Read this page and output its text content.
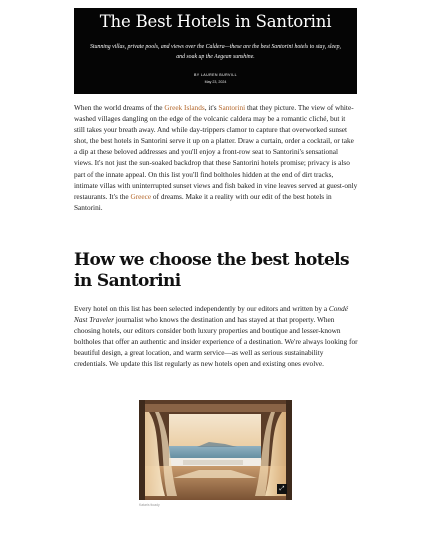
The Best Hotels in Santorini

Stunning villas, private pools, and views over the Caldera—these are the best Santorini hotels to stay, sleep, and soak up the Aegean sunshine.

BY LAUREN BURVILL
May 23, 2024

When the world dreams of the Greek Islands, it's Santorini that they picture. The view of white-washed villages dangling on the edge of the volcanic caldera may be a romantic cliché, but it still takes your breath away. And while day-trippers clamor to capture that overworked sunset shot, the best hotels in Santorini serve it up on a platter. Draw a curtain, order a cocktail, or take a dip at these beloved addresses and you'll enjoy a front-row seat to Santorini's sensational views. It's not just the sun-soaked backdrop that these Santorini hotels promise; privacy is also part of the innate appeal. On this list you'll find boltholes hidden at the end of dirt tracks, intimate villas with uninterrupted sunset views and fish baked in vine leaves served at guest-only restaurants. It's the Greece of dreams. Make it a reality with our edit of the best hotels in Santorini.

How we choose the best hotels in Santorini

Every hotel on this list has been selected independently by our editors and written by a Condé Nast Traveler journalist who knows the destination and has stayed at that property. When choosing hotels, our editors consider both luxury properties and boutique and lesser-known boltholes that offer an authentic and insider experience of a destination. We're always looking for beautiful design, a great location, and warm service—as well as serious sustainability credentials. We update this list regularly as new hotels open and existing ones evolve.

⤢
Kataris ttoady
